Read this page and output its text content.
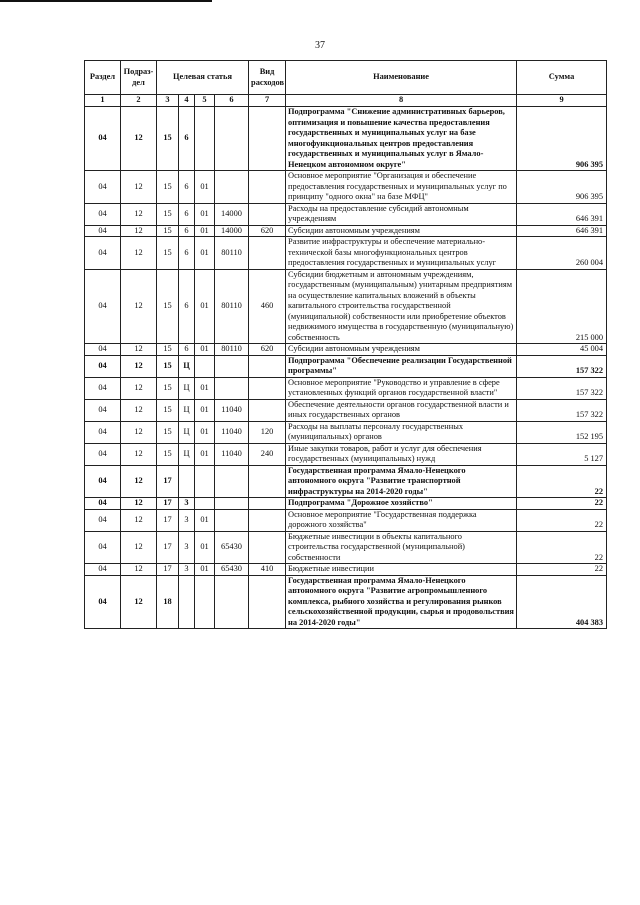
37
Раздел	Подраз-дел	Целевая статья				Вид расходов	Наименование	Сумма
1	2	3	4	5	6	7	8	9
04	12	15	6				Подпрограмма "Снижение административных барьеров, оптимизация и повышение качества предоставления государственных и муниципальных услуг на базе многофункциональных центров предоставления государственных и муниципальных услуг в Ямало-Ненецком автономном округе"	906 395
04	12	15	6	01			Основное мероприятие "Организация и обеспечение предоставления государственных и муниципальных услуг по принципу "одного окна" на базе МФЦ"	906 395
04	12	15	6	01	14000		Расходы на предоставление субсидий автономным учреждениям	646 391
04	12	15	6	01	14000	620	Субсидии автономным учреждениям	646 391
04	12	15	6	01	80110		Развитие инфраструктуры и обеспечение материально-технической базы многофункциональных центров предоставления государственных и муниципальных услуг	260 004
04	12	15	6	01	80110	460	Субсидии бюджетным и автономным учреждениям, государственным (муниципальным) унитарным предприятиям на осуществление капитальных вложений в объекты капитального строительства государственной (муниципальной) собственности или приобретение объектов недвижимого имущества в государственную (муниципальную) собственность	215 000
04	12	15	6	01	80110	620	Субсидии автономным учреждениям	45 004
04	12	15	Ц				Подпрограмма "Обеспечение реализации Государственной программы"	157 322
04	12	15	Ц	01			Основное мероприятие "Руководство и управление в сфере установленных функций органов государственной власти"	157 322
04	12	15	Ц	01	11040		Обеспечение деятельности органов государственной власти и иных государственных органов	157 322
04	12	15	Ц	01	11040	120	Расходы на выплаты персоналу государственных (муниципальных) органов	152 195
04	12	15	Ц	01	11040	240	Иные закупки товаров, работ и услуг для обеспечения государственных (муниципальных) нужд	5 127
04	12	17					Государственная программа Ямало-Ненецкого автономного округа "Развитие транспортной инфраструктуры на 2014-2020 годы"	22
04	12	17	3				Подпрограмма "Дорожное хозяйство"	22
04	12	17	3	01			Основное мероприятие "Государственная поддержка дорожного хозяйства"	22
04	12	17	3	01	65430		Бюджетные инвестиции в объекты капитального строительства государственной (муниципальной) собственности	22
04	12	17	3	01	65430	410	Бюджетные инвестиции	22
04	12	18					Государственная программа Ямало-Ненецкого автономного округа "Развитие агропромышленного комплекса, рыбного хозяйства и регулирования рынков сельскохозяйственной продукции, сырья и продовольствия на 2014-2020 годы"	404 383
